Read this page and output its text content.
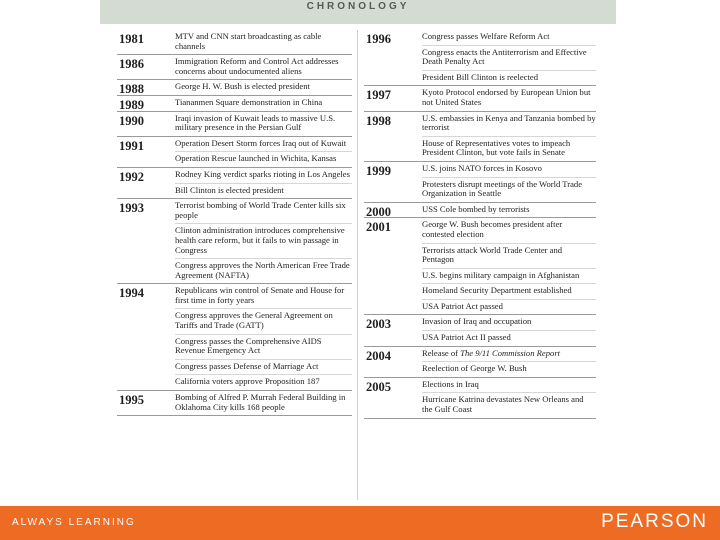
CHRONOLOGY
1981	MTV and CNN start broadcasting as cable channels
1986	Immigration Reform and Control Act addresses concerns about undocumented aliens
1988	George H. W. Bush is elected president
1989	Tiananmen Square demonstration in China
1990	Iraqi invasion of Kuwait leads to massive U.S. military presence in the Persian Gulf
1991	Operation Desert Storm forces Iraq out of Kuwait
Operation Rescue launched in Wichita, Kansas
1992	Rodney King verdict sparks rioting in Los Angeles
Bill Clinton is elected president
1993	Terrorist bombing of World Trade Center kills six people
Clinton administration introduces comprehensive health care reform, but it fails to win passage in Congress
Congress approves the North American Free Trade Agreement (NAFTA)
1994	Republicans win control of Senate and House for first time in forty years
Congress approves the General Agreement on Tariffs and Trade (GATT)
Congress passes the Comprehensive AIDS Revenue Emergency Act
Congress passes Defense of Marriage Act
California voters approve Proposition 187
1995	Bombing of Alfred P. Murrah Federal Building in Oklahoma City kills 168 people
1996	Congress passes Welfare Reform Act
Congress enacts the Antiterrorism and Effective Death Penalty Act
President Bill Clinton is reelected
1997	Kyoto Protocol endorsed by European Union but not United States
1998	U.S. embassies in Kenya and Tanzania bombed by terrorist
House of Representatives votes to impeach President Clinton, but vote fails in Senate
1999	U.S. joins NATO forces in Kosovo
Protesters disrupt meetings of the World Trade Organization in Seattle
2000	USS Cole bombed by terrorists
2001	George W. Bush becomes president after contested election
Terrorists attack World Trade Center and Pentagon
U.S. begins military campaign in Afghanistan
Homeland Security Department established
USA Patriot Act passed
2003	Invasion of Iraq and occupation
USA Patriot Act II passed
2004	Release of The 9/11 Commission Report
Reelection of George W. Bush
2005	Elections in Iraq
Hurricane Katrina devastates New Orleans and the Gulf Coast
ALWAYS LEARNING	PEARSON
